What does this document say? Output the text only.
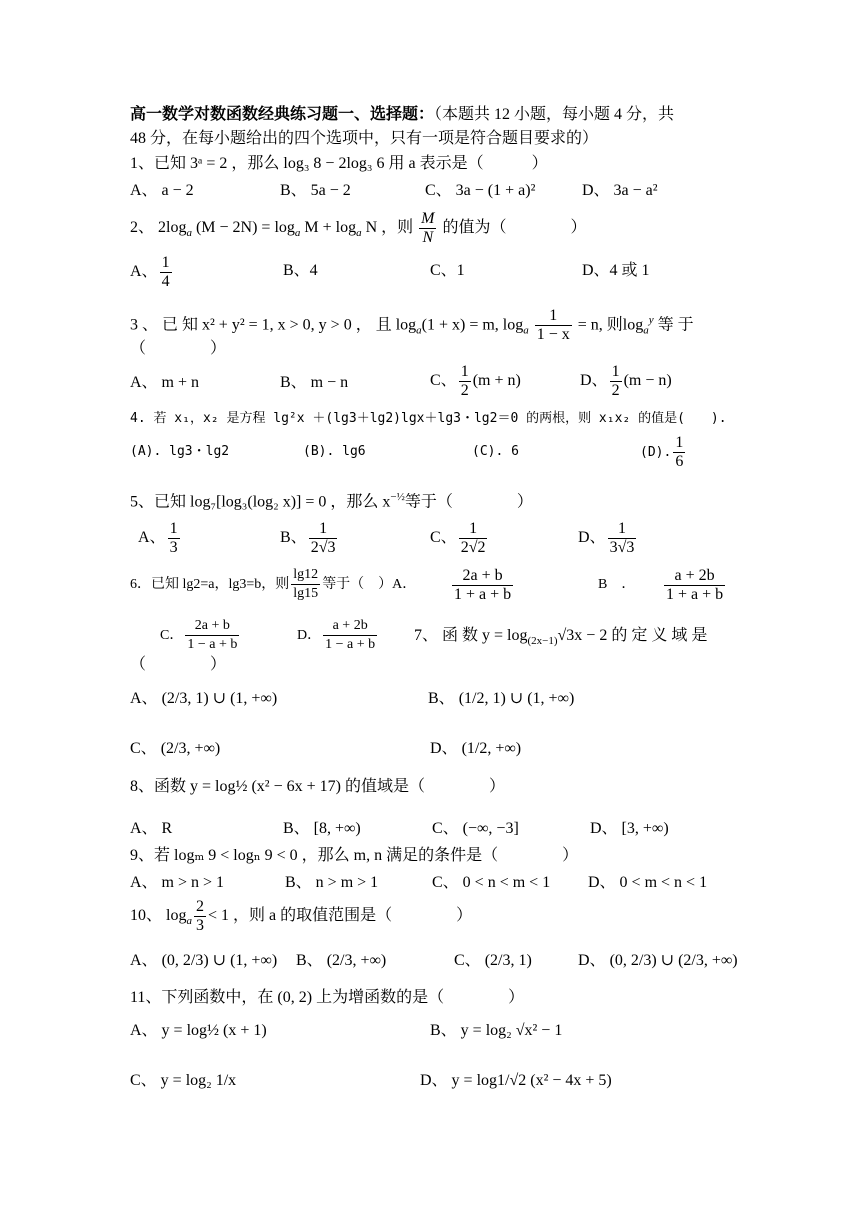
高一数学对数函数经典练习题一、选择题：（本题共 12 小题，每小题 4 分，共
48 分，在每小题给出的四个选项中，只有一项是符合题目要求的）
1、已知 3ᵃ = 2 ，那么 log₃ 8 − 2log₃ 6 用 a 表示是（　　　）
A、 a − 2	B、 5a − 2	C、 3a − (1 + a)²	D、 3a − a²
2、 $2\log_a$ $(M - 2N) = \log_a M + \log_a N$ ，则 $\frac{M}{N}$ 的值为（　　　　）
A、 $\frac{1}{4}$	B、4	C、1	D、4 或 1
3 、 已 知 x² + y² = 1, x > 0, y > 0 ， 且 $\log_a(1 + x) = m$, $\log_a \frac{1}{1 - x} = n$, 则$\log_a^y$ 等 于
（　　　　）
A、 m + n	B、 m − n	C、 $\frac{1}{2} (m + n)$	D、 $\frac{1}{2} (m - n)$
4. 若 x₁，x₂ 是方程 lg²x ＋(lg3＋lg2)lgx＋lg3・lg2＝0 的两根，则 x₁x₂ 的值是(　　).
(A). lg3・lg2	(B). lg6	(C). 6	(D). $\frac{1}{6}$
5、已知 log₇[log₃(log₂ x)] = 0 ，那么 $x^{-\frac{1}{2}}$等于（　　　　）
A、 $\frac{1}{3}$	B、 $\frac{1}{2√3}$	C、 $\frac{1}{2√2}$	D、 $\frac{1}{3√3}$
6．已知 lg2=a，lg3=b，则 $\frac{\lg 12}{\lg 15}$ 等于（　）A．	$\frac{2a + b}{1 + a + b}$	B　． $\frac{a + 2b}{1 + a + b}$
C． $\frac{2a + b}{1 - a + b}$	D． $\frac{a + 2b}{1 - a + b} 7$、 函 数 $y = \log_{(2x-1)}√3x - 2$ 的 定 义 域 是
（　　　　）
A、 (2/3, 1) ∪ (1, +∞)	B、 (1/2, 1) ∪ (1, +∞)
C、 (2/3, +∞)	D、 (1/2, +∞)
8、函数 y = log½ (x² − 6x + 17) 的值域是（　　　　）
A、 R	B、 [8, +∞)	C、 (−∞, −3]	D、 [3, +∞)
9、若 logₘ 9 < logₙ 9 < 0 ，那么 m, n 满足的条件是（　　　　）
A、 m > n > 1	B、 n > m > 1	C、 0 < n < m < 1 D、 0 < m < n < 1
10、 $\log_a \frac{2}{3} < 1$ ，则 a 的取值范围是（　　　　）
A、 (0, 2/3) ∪ (1, +∞) B、 (2/3, +∞)	C、 (2/3, 1)	D、 (0, 2/3) ∪ (2/3, +∞)
11、下列函数中，在 (0, 2) 上为增函数的是（　　　　）
A、 y = log½ (x + 1)	B、 y = log₂ √x² − 1
C、 y = log₂ 1/x	D、 y = log1/√2 (x² − 4x + 5)
